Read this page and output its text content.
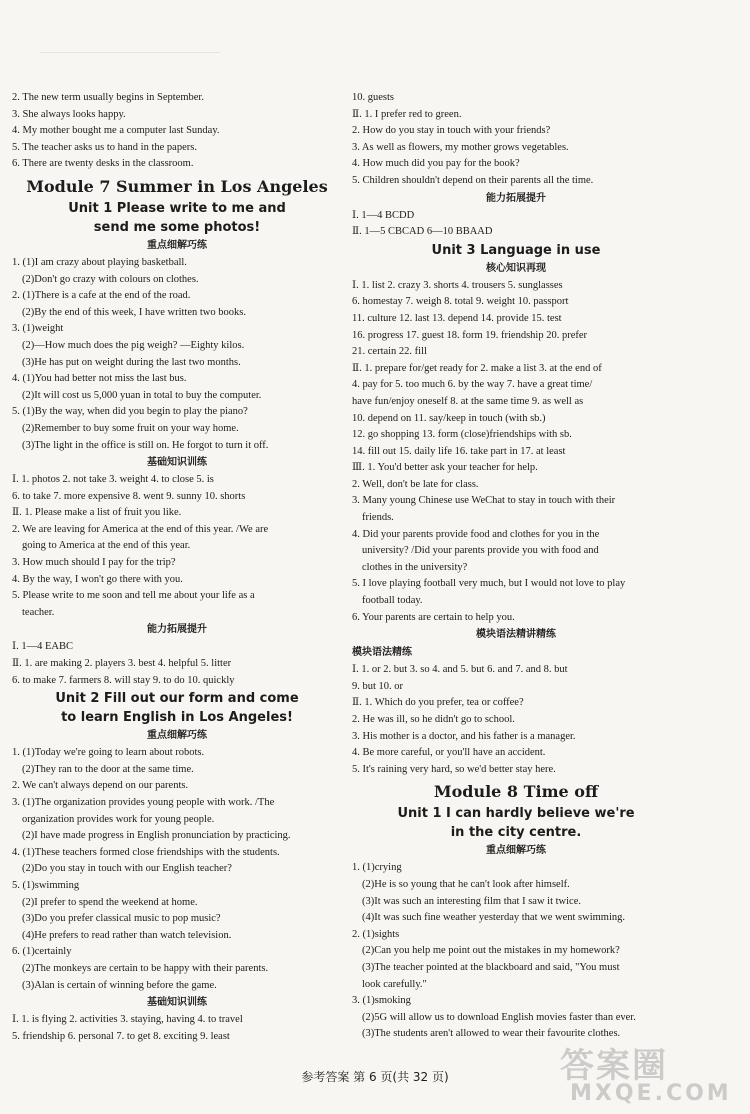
2. The new term usually begins in September.
3. She always looks happy.
4. My mother bought me a computer last Sunday.
5. The teacher asks us to hand in the papers.
6. There are twenty desks in the classroom.
Module 7 Summer in Los Angeles
Unit 1 Please write to me and
send me some photos!
重点细解巧练
1. (1)I am crazy about playing basketball.
(2)Don't go crazy with colours on clothes.
2. (1)There is a cafe at the end of the road.
(2)By the end of this week, I have written two books.
3. (1)weight
(2)—How much does the pig weigh? —Eighty kilos.
(3)He has put on weight during the last two months.
4. (1)You had better not miss the last bus.
(2)It will cost us 5,000 yuan in total to buy the computer.
5. (1)By the way, when did you begin to play the piano?
(2)Remember to buy some fruit on your way home.
(3)The light in the office is still on. He forgot to turn it off.
基础知识训练
Ⅰ. 1. photos 2. not take 3. weight 4. to close 5. is
6. to take 7. more expensive 8. went 9. sunny 10. shorts
Ⅱ. 1. Please make a list of fruit you like.
2. We are leaving for America at the end of this year. /We are
going to America at the end of this year.
3. How much should I pay for the trip?
4. By the way, I won't go there with you.
5. Please write to me soon and tell me about your life as a
teacher.
能力拓展提升
Ⅰ. 1—4 EABC
Ⅱ. 1. are making 2. players 3. best 4. helpful 5. litter
6. to make 7. farmers 8. will stay 9. to do 10. quickly
Unit 2 Fill out our form and come
to learn English in Los Angeles!
重点细解巧练
1. (1)Today we're going to learn about robots.
(2)They ran to the door at the same time.
2. We can't always depend on our parents.
3. (1)The organization provides young people with work. /The
organization provides work for young people.
(2)I have made progress in English pronunciation by practicing.
4. (1)These teachers formed close friendships with the students.
(2)Do you stay in touch with our English teacher?
5. (1)swimming
(2)I prefer to spend the weekend at home.
(3)Do you prefer classical music to pop music?
(4)He prefers to read rather than watch television.
6. (1)certainly
(2)The monkeys are certain to be happy with their parents.
(3)Alan is certain of winning before the game.
基础知识训练
Ⅰ. 1. is flying 2. activities 3. staying, having 4. to travel
5. friendship 6. personal 7. to get 8. exciting 9. least
10. guests
Ⅱ. 1. I prefer red to green.
2. How do you stay in touch with your friends?
3. As well as flowers, my mother grows vegetables.
4. How much did you pay for the book?
5. Children shouldn't depend on their parents all the time.
能力拓展提升
Ⅰ. 1—4 BCDD
Ⅱ. 1—5 CBCAD 6—10 BBAAD
Unit 3 Language in use
核心知识再现
Ⅰ. 1. list 2. crazy 3. shorts 4. trousers 5. sunglasses
6. homestay 7. weigh 8. total 9. weight 10. passport
11. culture 12. last 13. depend 14. provide 15. test
16. progress 17. guest 18. form 19. friendship 20. prefer
21. certain 22. fill
Ⅱ. 1. prepare for/get ready for 2. make a list 3. at the end of
4. pay for 5. too much 6. by the way 7. have a great time/
have fun/enjoy oneself 8. at the same time 9. as well as
10. depend on 11. say/keep in touch (with sb.)
12. go shopping 13. form (close)friendships with sb.
14. fill out 15. daily life 16. take part in 17. at least
Ⅲ. 1. You'd better ask your teacher for help.
2. Well, don't be late for class.
3. Many young Chinese use WeChat to stay in touch with their
friends.
4. Did your parents provide food and clothes for you in the
university? /Did your parents provide you with food and
clothes in the university?
5. I love playing football very much, but I would not love to play
football today.
6. Your parents are certain to help you.
模块语法精讲精练
模块语法精练
Ⅰ. 1. or 2. but 3. so 4. and 5. but 6. and 7. and 8. but
9. but 10. or
Ⅱ. 1. Which do you prefer, tea or coffee?
2. He was ill, so he didn't go to school.
3. His mother is a doctor, and his father is a manager.
4. Be more careful, or you'll have an accident.
5. It's raining very hard, so we'd better stay here.
Module 8 Time off
Unit 1 I can hardly believe we're
in the city centre.
重点细解巧练
1. (1)crying
(2)He is so young that he can't look after himself.
(3)It was such an interesting film that I saw it twice.
(4)It was such fine weather yesterday that we went swimming.
2. (1)sights
(2)Can you help me point out the mistakes in my homework?
(3)The teacher pointed at the blackboard and said, "You must
look carefully."
3. (1)smoking
(2)5G will allow us to download English movies faster than ever.
(3)The students aren't allowed to wear their favourite clothes.
参考答案 第 6 页(共 32 页)	答案圈
MXQE.COM
